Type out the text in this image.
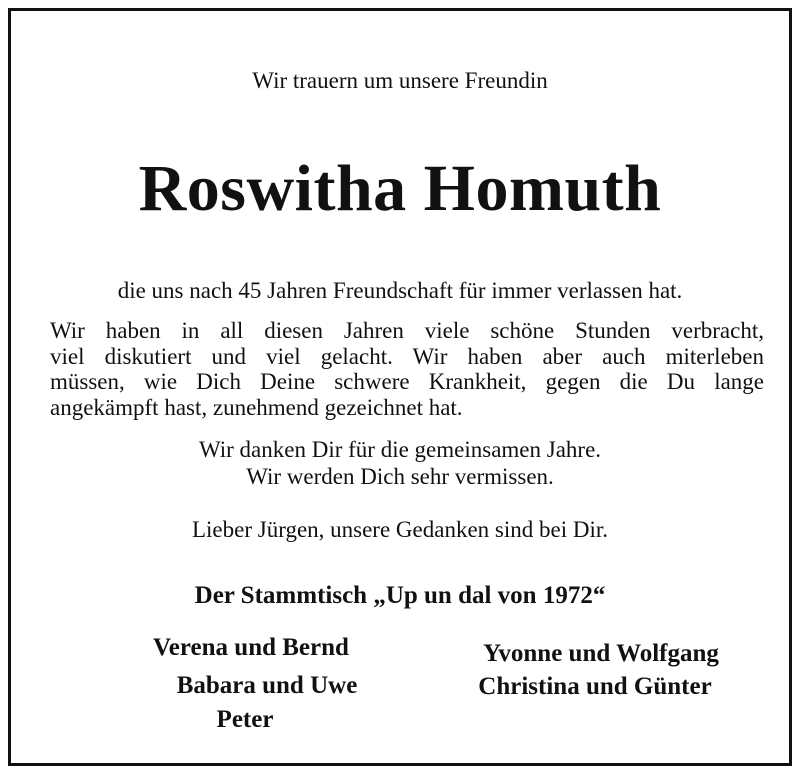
Wir trauern um unsere Freundin
Roswitha Homuth
die uns nach 45 Jahren Freundschaft für immer verlassen hat.
Wir haben in all diesen Jahren viele schöne Stunden verbracht,
viel diskutiert und viel gelacht. Wir haben aber auch miterleben
müssen, wie Dich Deine schwere Krankheit, gegen die Du lange
angekämpft hast, zunehmend gezeichnet hat.
Wir danken Dir für die gemeinsamen Jahre.
Wir werden Dich sehr vermissen.
Lieber Jürgen, unsere Gedanken sind bei Dir.
Der Stammtisch „Up un dal von 1972“
Verena und Bernd
Babara und Uwe
Peter
Yvonne und Wolfgang
Christina und Günter
